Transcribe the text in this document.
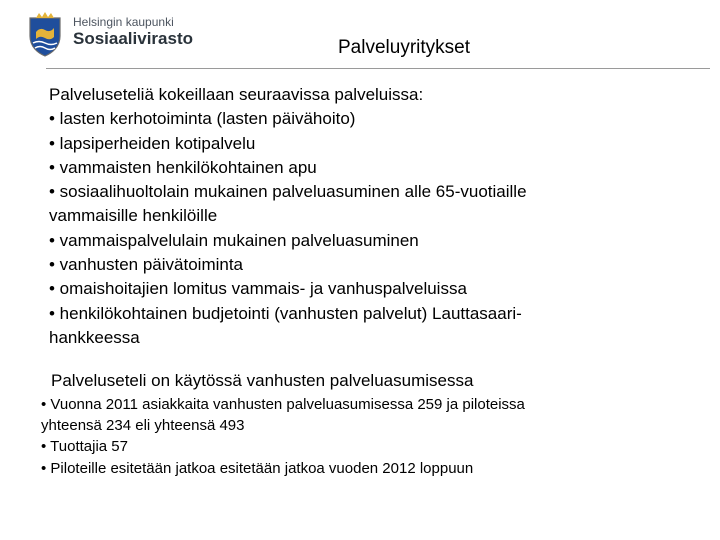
Helsingin kaupunki
Sosiaalivirasto	Palveluyritykset
Palveluseteliä kokeillaan seuraavissa palveluissa:
• lasten kerhotoiminta (lasten päivähoito)
• lapsiperheiden kotipalvelu
• vammaisten henkilökohtainen apu
• sosiaalihuoltolain mukainen palveluasuminen alle 65-vuotiaille
vammaisille henkilöille
• vammaispalvelulain mukainen palveluasuminen
• vanhusten päivätoiminta
• omaishoitajien lomitus vammais- ja vanhuspalveluissa
• henkilökohtainen budjetointi (vanhusten palvelut) Lauttasaari-
hankkeessa
Palveluseteli on käytössä vanhusten palveluasumisessa
• Vuonna 2011 asiakkaita vanhusten palveluasumisessa 259 ja piloteissa
yhteensä 234 eli yhteensä 493
• Tuottajia 57
• Piloteille esitetään jatkoa esitetään jatkoa vuoden 2012 loppuun
